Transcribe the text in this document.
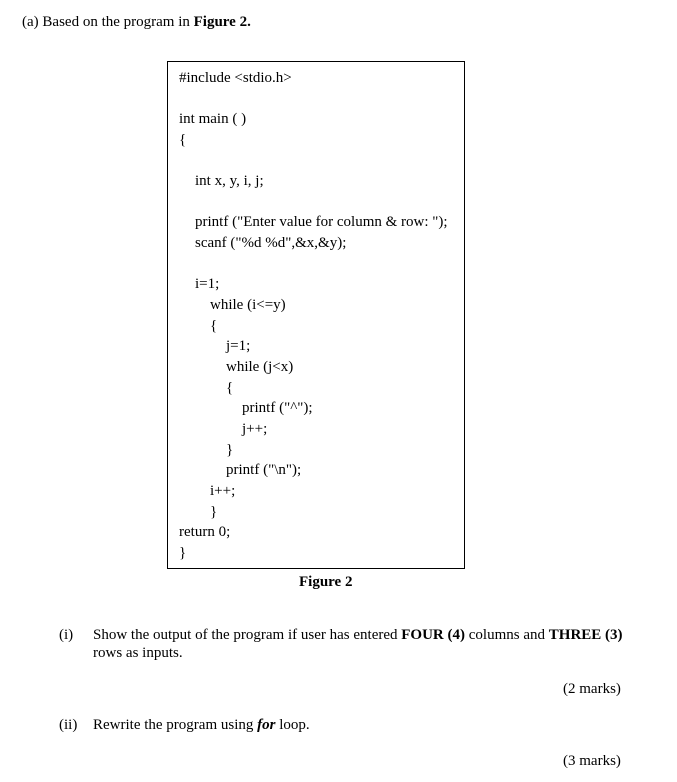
(a) Based on the program in Figure 2.
#include <stdio.h>
int main ( )
{
int x, y, i, j;
printf ("Enter value for column & row: ");
scanf ("%d %d",&x,&y);
i=1;
while (i<=y)
{
j=1;
while (j<x)
{
printf ("^");
j++;
}
printf ("\n");
i++;
}
return 0;
}
Figure 2
(i) Show the output of the program if user has entered FOUR (4) columns and THREE (3) rows as inputs.
(2 marks)
(ii) Rewrite the program using for loop.
(3 marks)
